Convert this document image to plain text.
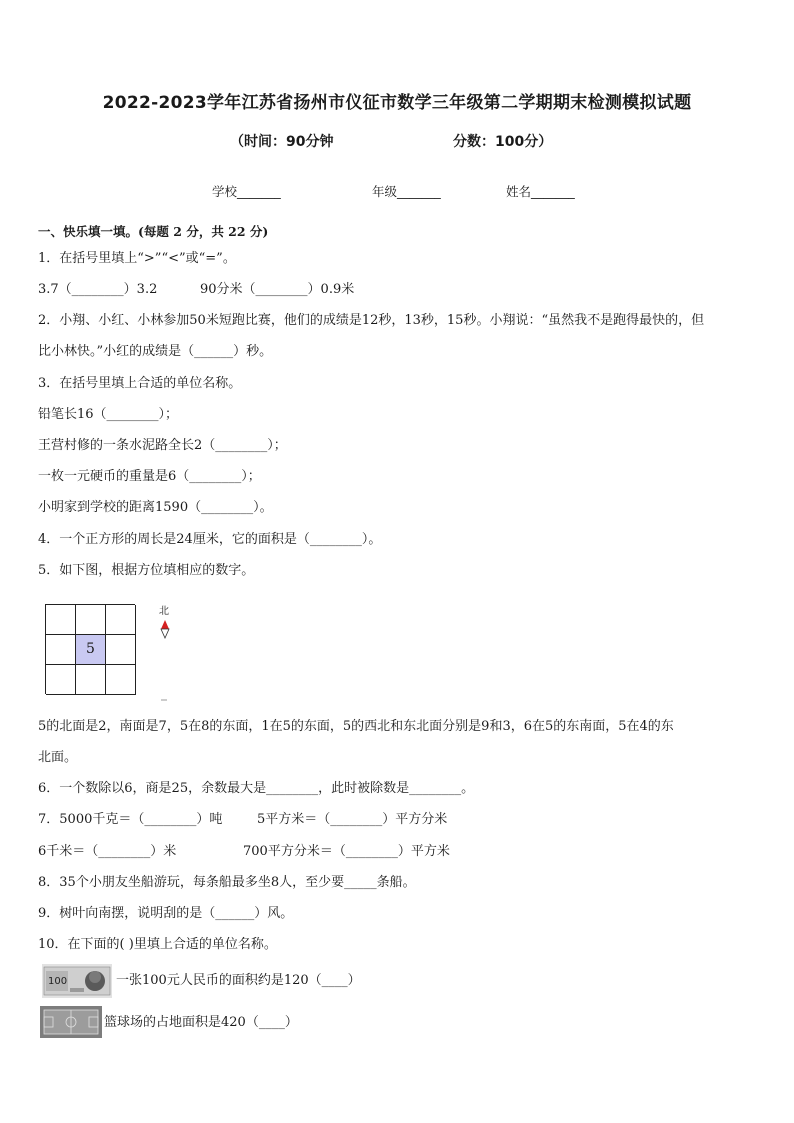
2022-2023学年江苏省扬州市仪征市数学三年级第二学期期末检测模拟试题
（时间：90分钟	分数：100分）
学校_______	年级_______	姓名_______
一、快乐填一填。(每题 2 分，共 22 分)
1．在括号里填上“>”“<”或“=”。
3.7（________）3.2	90分米（________）0.9米
2．小翔、小红、小林参加50米短跑比赛，他们的成绩是12秒，13秒，15秒。小翔说：“虽然我不是跑得最快的，但
比小林快。”小红的成绩是（______）秒。
3．在括号里填上合适的单位名称。
铅笔长16（________）；
王营村修的一条水泥路全长2（________）；
一枚一元硬币的重量是6（________）；
小明家到学校的距离1590（________）。
4．一个正方形的周长是24厘米，它的面积是（________）。
5．如下图，根据方位填相应的数字。
5
北
5的北面是2，南面是7，5在8的东面，1在5的东面，5的西北和东北面分别是9和3，6在5的东南面，5在4的东
北面。
6．一个数除以6，商是25，余数最大是________，此时被除数是________。
7．5000千克＝（________）吨	5平方米＝（________）平方分米
6千米＝（________）米	700平方分米＝（________）平方米
8．35个小朋友坐船游玩，每条船最多坐8人，至少要_____条船。
9．树叶向南摆，说明刮的是（______）风。
10．在下面的( )里填上合适的单位名称。
100	一张100元人民币的面积约是120（____）
篮球场的占地面积是420（____）
